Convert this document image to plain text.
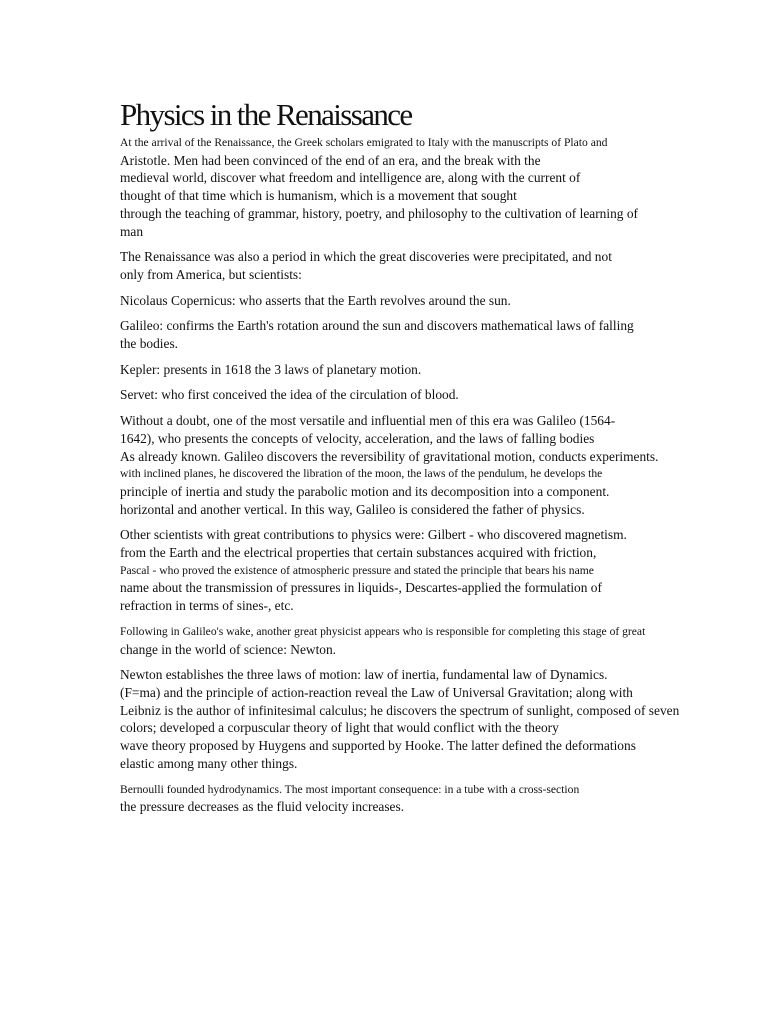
Physics in the Renaissance
At the arrival of the Renaissance, the Greek scholars emigrated to Italy with the manuscripts of Plato and
Aristotle. Men had been convinced of the end of an era, and the break with the
medieval world, discover what freedom and intelligence are, along with the current of
thought of that time which is humanism, which is a movement that sought
through the teaching of grammar, history, poetry, and philosophy to the cultivation of learning of
man
The Renaissance was also a period in which the great discoveries were precipitated, and not
only from America, but scientists:
Nicolaus Copernicus: who asserts that the Earth revolves around the sun.
Galileo: confirms the Earth's rotation around the sun and discovers mathematical laws of falling
the bodies.
Kepler: presents in 1618 the 3 laws of planetary motion.
Servet: who first conceived the idea of the circulation of blood.
Without a doubt, one of the most versatile and influential men of this era was Galileo (1564-
1642), who presents the concepts of velocity, acceleration, and the laws of falling bodies
As already known. Galileo discovers the reversibility of gravitational motion, conducts experiments.
with inclined planes, he discovered the libration of the moon, the laws of the pendulum, he develops the
principle of inertia and study the parabolic motion and its decomposition into a component.
horizontal and another vertical. In this way, Galileo is considered the father of physics.
Other scientists with great contributions to physics were: Gilbert - who discovered magnetism.
from the Earth and the electrical properties that certain substances acquired with friction,
Pascal - who proved the existence of atmospheric pressure and stated the principle that bears his name
name about the transmission of pressures in liquids-, Descartes-applied the formulation of
refraction in terms of sines-, etc.
Following in Galileo's wake, another great physicist appears who is responsible for completing this stage of great
change in the world of science: Newton.
Newton establishes the three laws of motion: law of inertia, fundamental law of Dynamics.
(F=ma) and the principle of action-reaction reveal the Law of Universal Gravitation; along with
Leibniz is the author of infinitesimal calculus; he discovers the spectrum of sunlight, composed of seven
colors; developed a corpuscular theory of light that would conflict with the theory
wave theory proposed by Huygens and supported by Hooke. The latter defined the deformations
elastic among many other things.
Bernoulli founded hydrodynamics. The most important consequence: in a tube with a cross-section
the pressure decreases as the fluid velocity increases.
